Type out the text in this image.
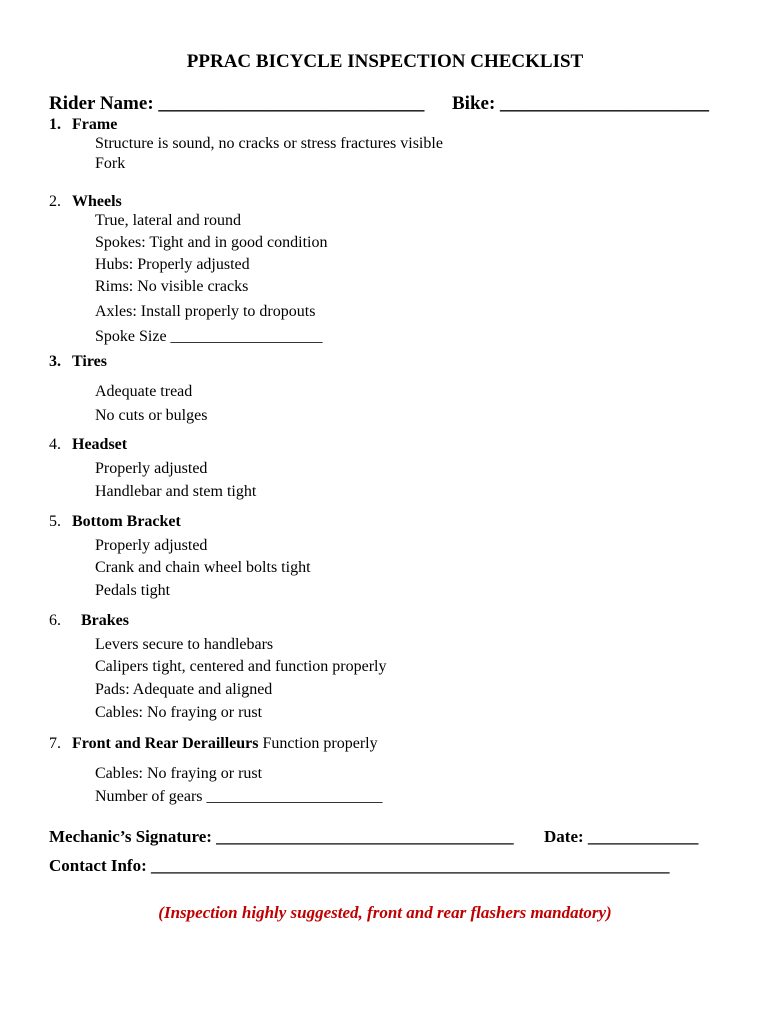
PPRAC BICYCLE INSPECTION CHECKLIST
Rider Name: ____________________________ Bike: ______________________
1. Frame
Structure is sound, no cracks or stress fractures visible
Fork
2. Wheels
True, lateral and round
Spokes: Tight and in good condition
Hubs: Properly adjusted
Rims: No visible cracks
Axles: Install properly to dropouts
Spoke Size ___________________
3. Tires
Adequate tread
No cuts or bulges
4. Headset
Properly adjusted
Handlebar and stem tight
5. Bottom Bracket
Properly adjusted
Crank and chain wheel bolts tight
Pedals tight
6. Brakes
Levers secure to handlebars
Calipers tight, centered and function properly
Pads: Adequate and aligned
Cables: No fraying or rust
7. Front and Rear Derailleurs Function properly
Cables: No fraying or rust
Number of gears ______________________
Mechanic’s Signature: ___________________________________ Date: _____________
Contact Info: _____________________________________________________________
(Inspection highly suggested, front and rear flashers mandatory)
